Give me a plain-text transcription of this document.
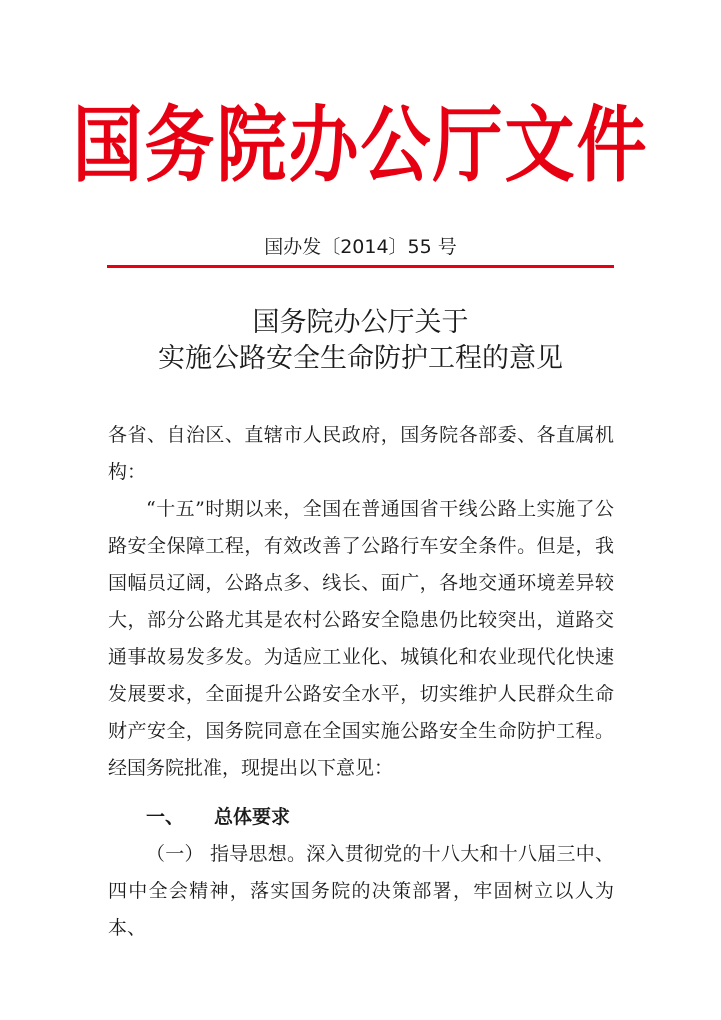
国务院办公厅文件
国办发〔2014〕55 号
国务院办公厅关于
实施公路安全生命防护工程的意见

各省、自治区、直辖市人民政府，国务院各部委、各直属机构：

“十五”时期以来，全国在普通国省干线公路上实施了公路安全保障工程，有效改善了公路行车安全条件。但是，我国幅员辽阔，公路点多、线长、面广，各地交通环境差异较大，部分公路尤其是农村公路安全隐患仍比较突出，道路交通事故易发多发。为适应工业化、城镇化和农业现代化快速发展要求，全面提升公路安全水平，切实维护人民群众生命财产安全，国务院同意在全国实施公路安全生命防护工程。经国务院批准，现提出以下意见：

一、 总体要求

（一） 指导思想。深入贯彻党的十八大和十八届三中、四中全会精神，落实国务院的决策部署，牢固树立以人为本、
